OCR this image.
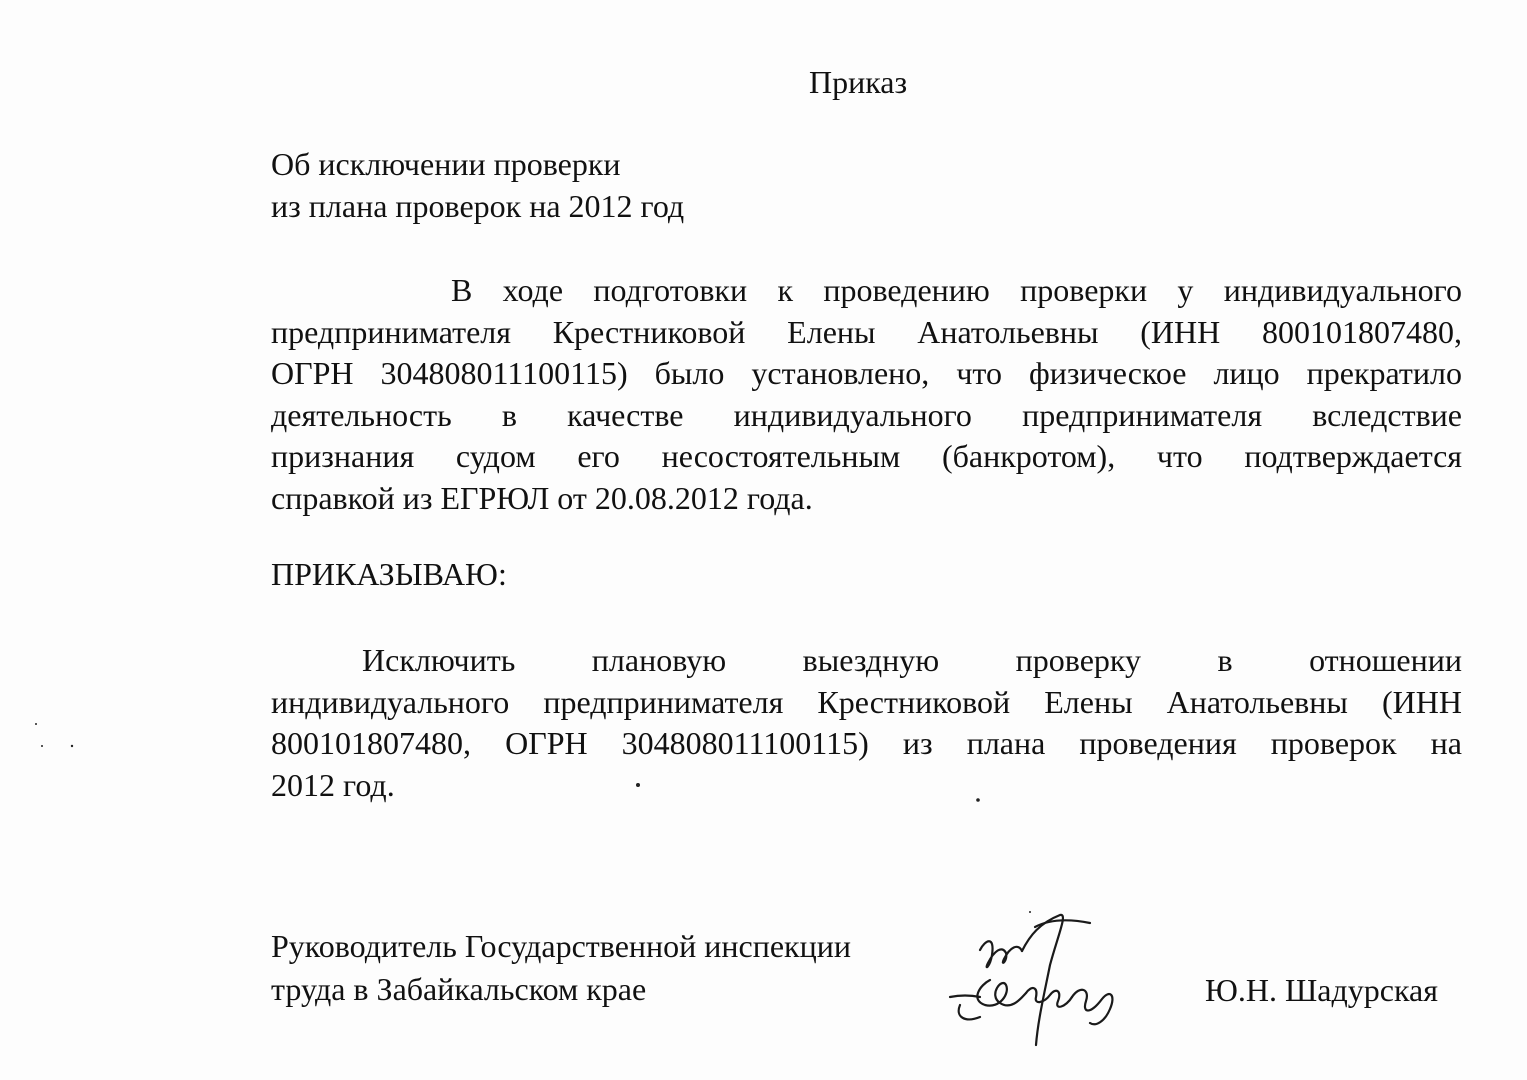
Приказ
Об исключении проверки
из плана проверок на 2012 год
В ходе подготовки к проведению проверки у индивидуального
предпринимателя Крестниковой Елены Анатольевны (ИНН 800101807480,
ОГРН 304808011100115) было установлено, что физическое лицо прекратило
деятельность в качестве индивидуального предпринимателя вследствие
признания судом его несостоятельным (банкротом), что подтверждается
справкой из ЕГРЮЛ от 20.08.2012 года.
ПРИКАЗЫВАЮ:
Исключить плановую выездную проверку в отношении
индивидуального предпринимателя Крестниковой Елены Анатольевны (ИНН
800101807480, ОГРН 304808011100115) из плана проведения проверок на
2012 год.
Руководитель Государственной инспекции
труда в Забайкальском крае	Ю.Н. Шадурская
